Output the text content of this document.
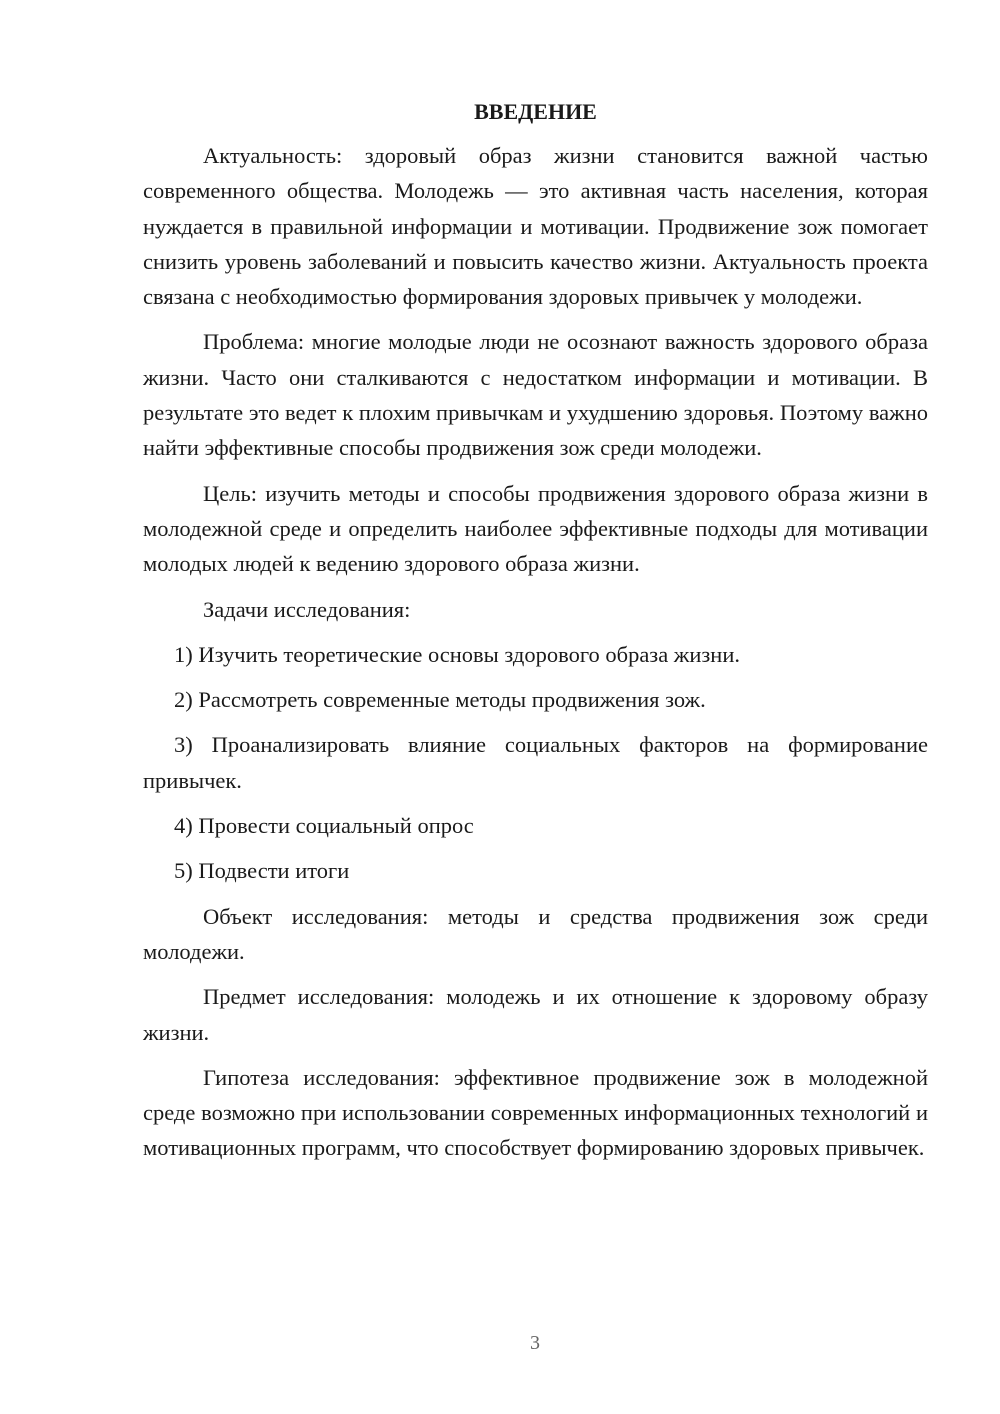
ВВЕДЕНИЕ

Актуальность: здоровый образ жизни становится важной частью современного общества. Молодежь — это активная часть населения, которая нуждается в правильной информации и мотивации. Продвижение зож помогает снизить уровень заболеваний и повысить качество жизни. Актуальность проекта связана с необходимостью формирования здоровых привычек у молодежи.

Проблема: многие молодые люди не осознают важность здорового образа жизни. Часто они сталкиваются с недостатком информации и мотивации. В результате это ведет к плохим привычкам и ухудшению здоровья. Поэтому важно найти эффективные способы продвижения зож среди молодежи.

Цель: изучить методы и способы продвижения здорового образа жизни в молодежной среде и определить наиболее эффективные подходы для мотивации молодых людей к ведению здорового образа жизни.

Задачи исследования:

1) Изучить теоретические основы здорового образа жизни.

2) Рассмотреть современные методы продвижения зож.

3) Проанализировать влияние социальных факторов на формирование привычек.

4) Провести социальный опрос

5) Подвести итоги

Объект исследования: методы и средства продвижения зож среди молодежи.

Предмет исследования: молодежь и их отношение к здоровому образу жизни.

Гипотеза исследования: эффективное продвижение зож в молодежной среде возможно при использовании современных информационных технологий и мотивационных программ, что способствует формированию здоровых привычек.

3
